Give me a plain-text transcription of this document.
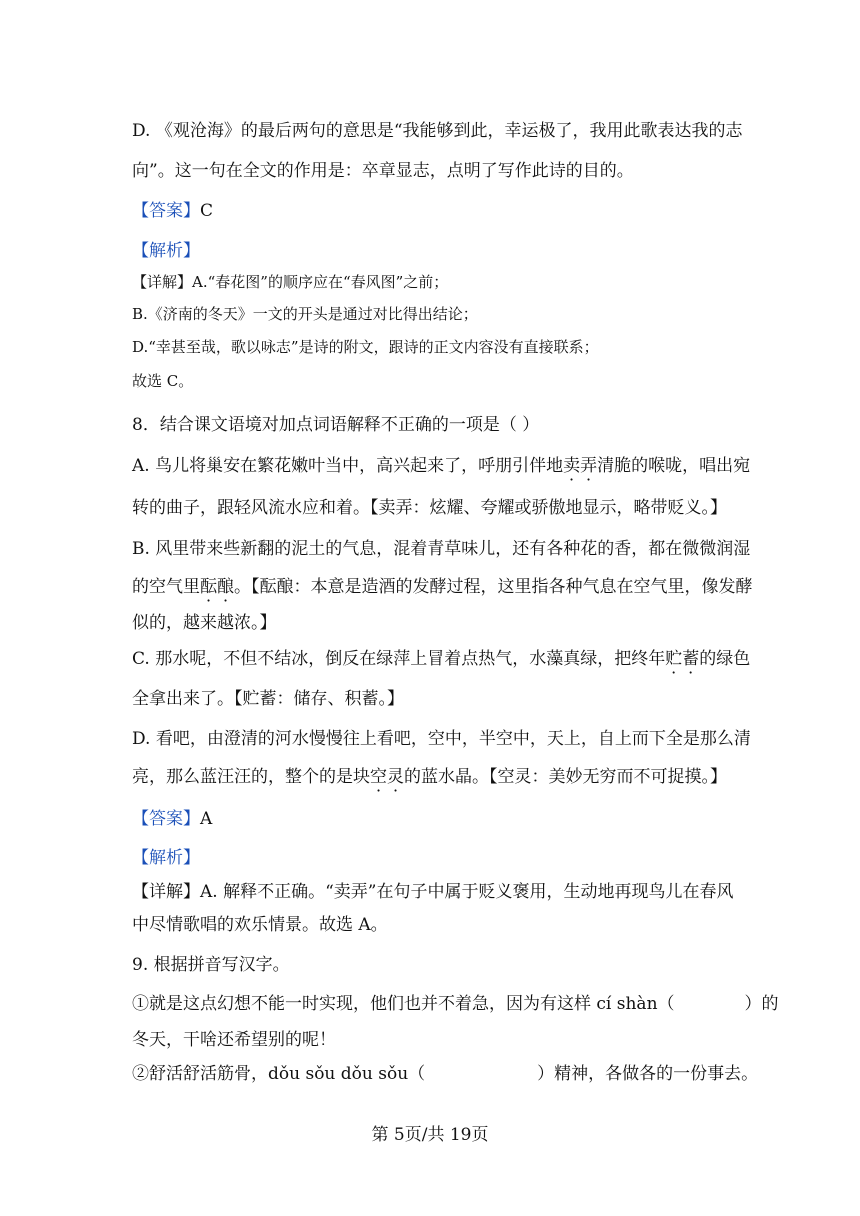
D. 《观沧海》的最后两句的意思是“我能够到此，幸运极了，我用此歌表达我的志
向”。这一句在全文的作用是：卒章显志，点明了写作此诗的目的。
【答案】C
【解析】
【详解】A.“春花图”的顺序应在“春风图”之前；
B.《济南的冬天》一文的开头是通过对比得出结论；
D.“幸甚至哉，歌以咏志”是诗的附文，跟诗的正文内容没有直接联系；
故选 C。
8．结合课文语境对加点词语解释不正确的一项是（ ）
A. 鸟儿将巢安在繁花嫩叶当中，高兴起来了，呼朋引伴地卖弄清脆的喉咙，唱出宛
转的曲子，跟轻风流水应和着。【卖弄：炫耀、夸耀或骄傲地显示，略带贬义。】
B. 风里带来些新翻的泥土的气息，混着青草味儿，还有各种花的香，都在微微润湿
的空气里酝酿。【酝酿：本意是造酒的发酵过程，这里指各种气息在空气里，像发酵
似的，越来越浓。】
C. 那水呢，不但不结冰，倒反在绿萍上冒着点热气，水藻真绿，把终年贮蓄的绿色
全拿出来了。【贮蓄：储存、积蓄。】
D. 看吧，由澄清的河水慢慢往上看吧，空中，半空中，天上，自上而下全是那么清
亮，那么蓝汪汪的，整个的是块空灵的蓝水晶。【空灵：美妙无穷而不可捉摸。】
【答案】A
【解析】
【详解】A. 解释不正确。“卖弄”在句子中属于贬义褒用，生动地再现鸟儿在春风
中尽情歌唱的欢乐情景。故选 A。
9. 根据拼音写汉字。
①就是这点幻想不能一时实现，他们也并不着急，因为有这样 cí shàn（	）的
冬天，干啥还希望别的呢！
②舒活舒活筋骨，dǒu sǒu dǒu sǒu（	）精神，各做各的一份事去。
第 5页/共 19页
